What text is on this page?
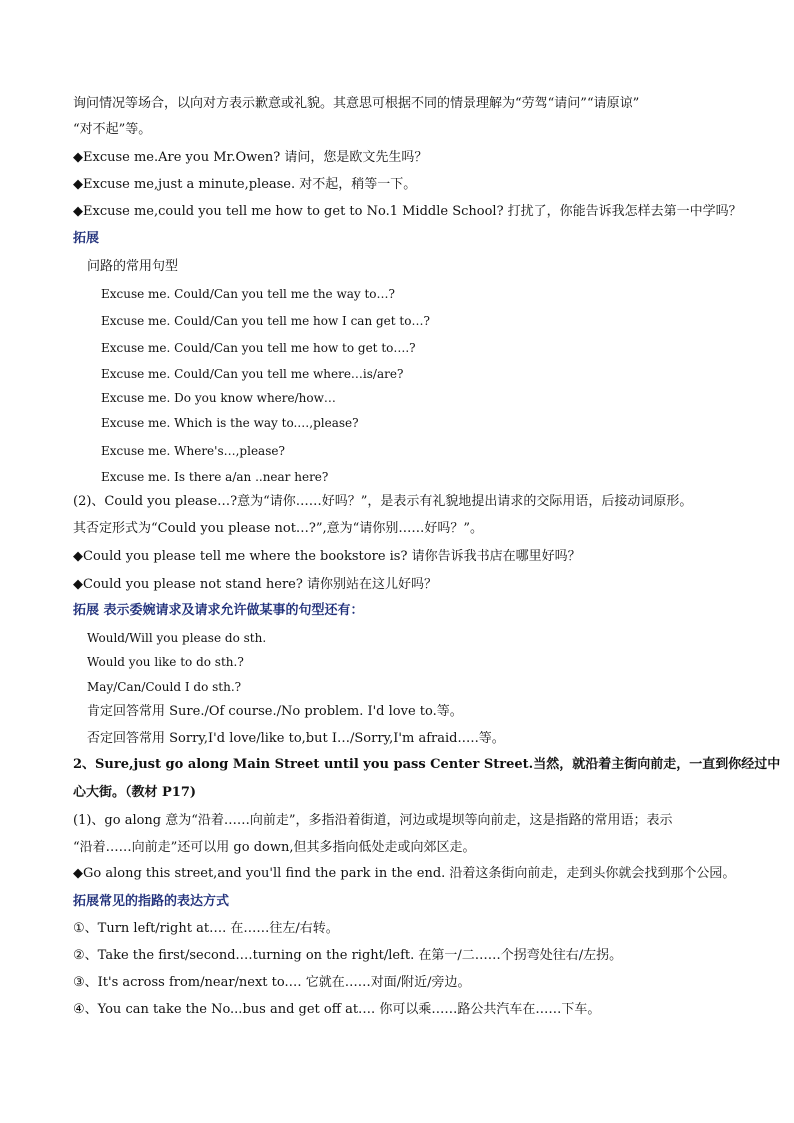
询问情况等场合，以向对方表示歉意或礼貌。其意思可根据不同的情景理解为“劳驾“请问”“请原谅”
“对不起”等。
◆Excuse me.Are you Mr.Owen? 请问，您是欧文先生吗？
◆Excuse me,just a minute,please. 对不起，稍等一下。
◆Excuse me,could you tell me how to get to No.1 Middle School? 打扰了，你能告诉我怎样去第一中学吗？
拓展
问路的常用句型
Excuse me. Could/Can you tell me the way to…?
Excuse me. Could/Can you tell me how I can get to…?
Excuse me. Could/Can you tell me how to get to….?
Excuse me. Could/Can you tell me where…is/are?
Excuse me. Do you know where/how…
Excuse me. Which is the way to.…,please?
Excuse me. Where's…,please?
Excuse me. Is there a/an ..near here?
(2)、Could you please…?意为“请你……好吗？”，是表示有礼貌地提出请求的交际用语，后接动词原形。
其否定形式为“Could you please not…?”,意为“请你别……好吗？”。
◆Could you please tell me where the bookstore is? 请你告诉我书店在哪里好吗？
◆Could you please not stand here? 请你别站在这儿好吗？
拓展 表示委婉请求及请求允许做某事的句型还有：
Would/Will you please do sth.
Would you like to do sth.?
May/Can/Could I do sth.?
肯定回答常用 Sure./Of course./No problem. I'd love to.等。
否定回答常用 Sorry,I'd love/like to,but I…/Sorry,I'm afraid.….等。
2、Sure,just go along Main Street until you pass Center Street.当然，就沿着主街向前走，一直到你经过中
心大街。（教材 P17)
(1)、go along 意为“沿着……向前走”，多指沿着街道，河边或堤坝等向前走，这是指路的常用语；表示
“沿着……向前走”还可以用 go down,但其多指向低处走或向郊区走。
◆Go along this street,and you'll find the park in the end. 沿着这条街向前走，走到头你就会找到那个公园。
拓展常见的指路的表达方式
①、Turn left/right at…. 在……往左/右转。
②、Take the first/second.…turning on the right/left. 在第一/二……个拐弯处往右/左拐。
③、It's across from/near/next to.… 它就在……对面/附近/旁边。
④、You can take the No...bus and get off at…. 你可以乘……路公共汽车在……下车。
